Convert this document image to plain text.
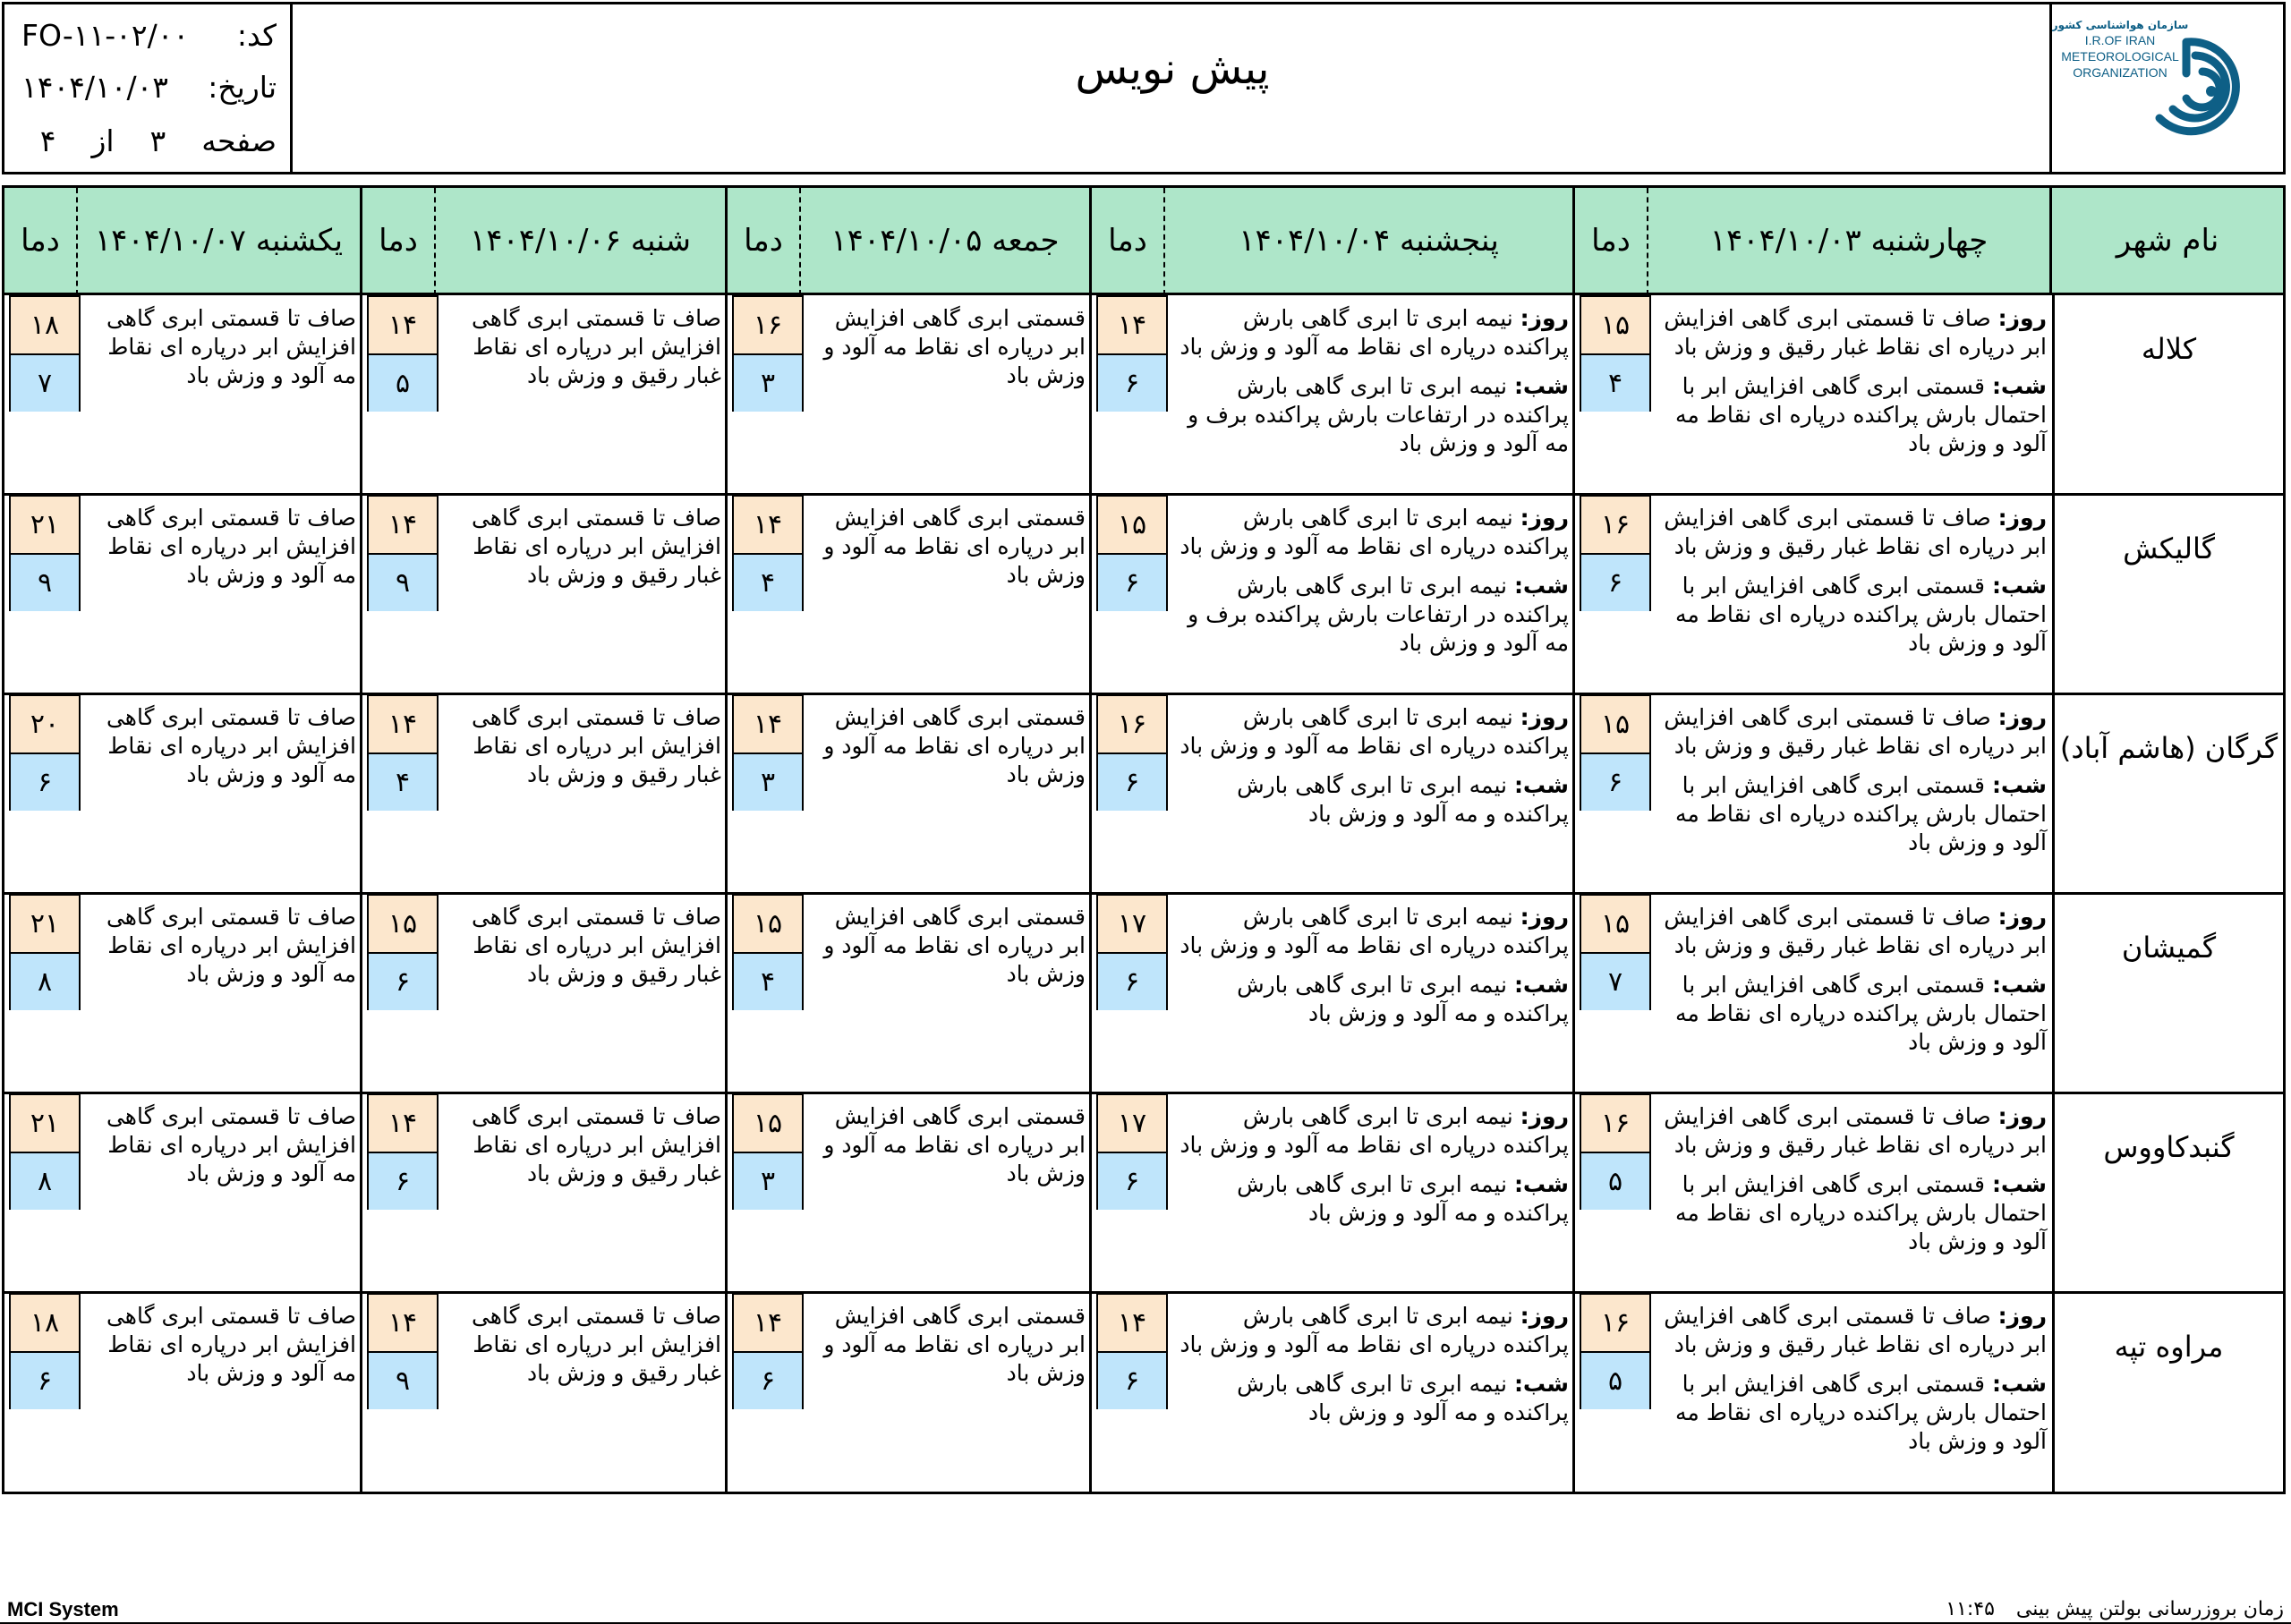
سازمان هواشناسی کشور
I.R.OF IRAN
METEOROLOGICAL
ORGANIZATION
پیش نویس
FO-۱۱-۰۲/۰۰ کد:
۱۴۰۴/۱۰/۰۳ تاریخ:
صفحه
۳
از
۴
نام شهر
چهارشنبه ۱۴۰۴/۱۰/۰۳
دما
پنجشنبه ۱۴۰۴/۱۰/۰۴
دما
جمعه ۱۴۰۴/۱۰/۰۵
دما
شنبه ۱۴۰۴/۱۰/۰۶
دما
یکشنبه ۱۴۰۴/۱۰/۰۷
دما
کلاله

روز: صاف تا قسمتی ابری گاهی افزایش ابر درپاره ای نقاط غبار رقیق و وزش باد

شب: قسمتی ابری گاهی افزایش ابر با احتمال بارش پراکنده درپاره ای نقاط مه آلود و وزش باد

۱۵
۴

روز: نیمه ابری تا ابری گاهی بارش پراکنده درپاره ای نقاط مه آلود و وزش باد

شب: نیمه ابری تا ابری گاهی بارش پراکنده در ارتفاعات بارش پراکنده برف و مه آلود و وزش باد

۱۴
۶
قسمتی ابری گاهی افزایش ابر درپاره ای نقاط مه آلود و وزش باد
۱۶
۳
صاف تا قسمتی ابری گاهی افزایش ابر درپاره ای نقاط غبار رقیق و وزش باد
۱۴
۵
صاف تا قسمتی ابری گاهی افزایش ابر درپاره ای نقاط مه آلود و وزش باد
۱۸
۷
گالیکش

روز: صاف تا قسمتی ابری گاهی افزایش ابر درپاره ای نقاط غبار رقیق و وزش باد

شب: قسمتی ابری گاهی افزایش ابر با احتمال بارش پراکنده درپاره ای نقاط مه آلود و وزش باد

۱۶
۶

روز: نیمه ابری تا ابری گاهی بارش پراکنده درپاره ای نقاط مه آلود و وزش باد

شب: نیمه ابری تا ابری گاهی بارش پراکنده در ارتفاعات بارش پراکنده برف و مه آلود و وزش باد

۱۵
۶
قسمتی ابری گاهی افزایش ابر درپاره ای نقاط مه آلود و وزش باد
۱۴
۴
صاف تا قسمتی ابری گاهی افزایش ابر درپاره ای نقاط غبار رقیق و وزش باد
۱۴
۹
صاف تا قسمتی ابری گاهی افزایش ابر درپاره ای نقاط مه آلود و وزش باد
۲۱
۹
گرگان (هاشم آباد)

روز: صاف تا قسمتی ابری گاهی افزایش ابر درپاره ای نقاط غبار رقیق و وزش باد

شب: قسمتی ابری گاهی افزایش ابر با احتمال بارش پراکنده درپاره ای نقاط مه آلود و وزش باد

۱۵
۶

روز: نیمه ابری تا ابری گاهی بارش پراکنده درپاره ای نقاط مه آلود و وزش باد

شب: نیمه ابری تا ابری گاهی بارش پراکنده و مه آلود و وزش باد

۱۶
۶
قسمتی ابری گاهی افزایش ابر درپاره ای نقاط مه آلود و وزش باد
۱۴
۳
صاف تا قسمتی ابری گاهی افزایش ابر درپاره ای نقاط غبار رقیق و وزش باد
۱۴
۴
صاف تا قسمتی ابری گاهی افزایش ابر درپاره ای نقاط مه آلود و وزش باد
۲۰
۶
گمیشان

روز: صاف تا قسمتی ابری گاهی افزایش ابر درپاره ای نقاط غبار رقیق و وزش باد

شب: قسمتی ابری گاهی افزایش ابر با احتمال بارش پراکنده درپاره ای نقاط مه آلود و وزش باد

۱۵
۷

روز: نیمه ابری تا ابری گاهی بارش پراکنده درپاره ای نقاط مه آلود و وزش باد

شب: نیمه ابری تا ابری گاهی بارش پراکنده و مه آلود و وزش باد

۱۷
۶
قسمتی ابری گاهی افزایش ابر درپاره ای نقاط مه آلود و وزش باد
۱۵
۴
صاف تا قسمتی ابری گاهی افزایش ابر درپاره ای نقاط غبار رقیق و وزش باد
۱۵
۶
صاف تا قسمتی ابری گاهی افزایش ابر درپاره ای نقاط مه آلود و وزش باد
۲۱
۸
گنبدکاووس

روز: صاف تا قسمتی ابری گاهی افزایش ابر درپاره ای نقاط غبار رقیق و وزش باد

شب: قسمتی ابری گاهی افزایش ابر با احتمال بارش پراکنده درپاره ای نقاط مه آلود و وزش باد

۱۶
۵

روز: نیمه ابری تا ابری گاهی بارش پراکنده درپاره ای نقاط مه آلود و وزش باد

شب: نیمه ابری تا ابری گاهی بارش پراکنده و مه آلود و وزش باد

۱۷
۶
قسمتی ابری گاهی افزایش ابر درپاره ای نقاط مه آلود و وزش باد
۱۵
۳
صاف تا قسمتی ابری گاهی افزایش ابر درپاره ای نقاط غبار رقیق و وزش باد
۱۴
۶
صاف تا قسمتی ابری گاهی افزایش ابر درپاره ای نقاط مه آلود و وزش باد
۲۱
۸
مراوه تپه

روز: صاف تا قسمتی ابری گاهی افزایش ابر درپاره ای نقاط غبار رقیق و وزش باد

شب: قسمتی ابری گاهی افزایش ابر با احتمال بارش پراکنده درپاره ای نقاط مه آلود و وزش باد

۱۶
۵

روز: نیمه ابری تا ابری گاهی بارش پراکنده درپاره ای نقاط مه آلود و وزش باد

شب: نیمه ابری تا ابری گاهی بارش پراکنده و مه آلود و وزش باد

۱۴
۶
قسمتی ابری گاهی افزایش ابر درپاره ای نقاط مه آلود و وزش باد
۱۴
۶
صاف تا قسمتی ابری گاهی افزایش ابر درپاره ای نقاط غبار رقیق و وزش باد
۱۴
۹
صاف تا قسمتی ابری گاهی افزایش ابر درپاره ای نقاط مه آلود و وزش باد
۱۸
۶
MCI System	زمان بروزرسانی بولتن پیش بینی
۱۱:۴۵
